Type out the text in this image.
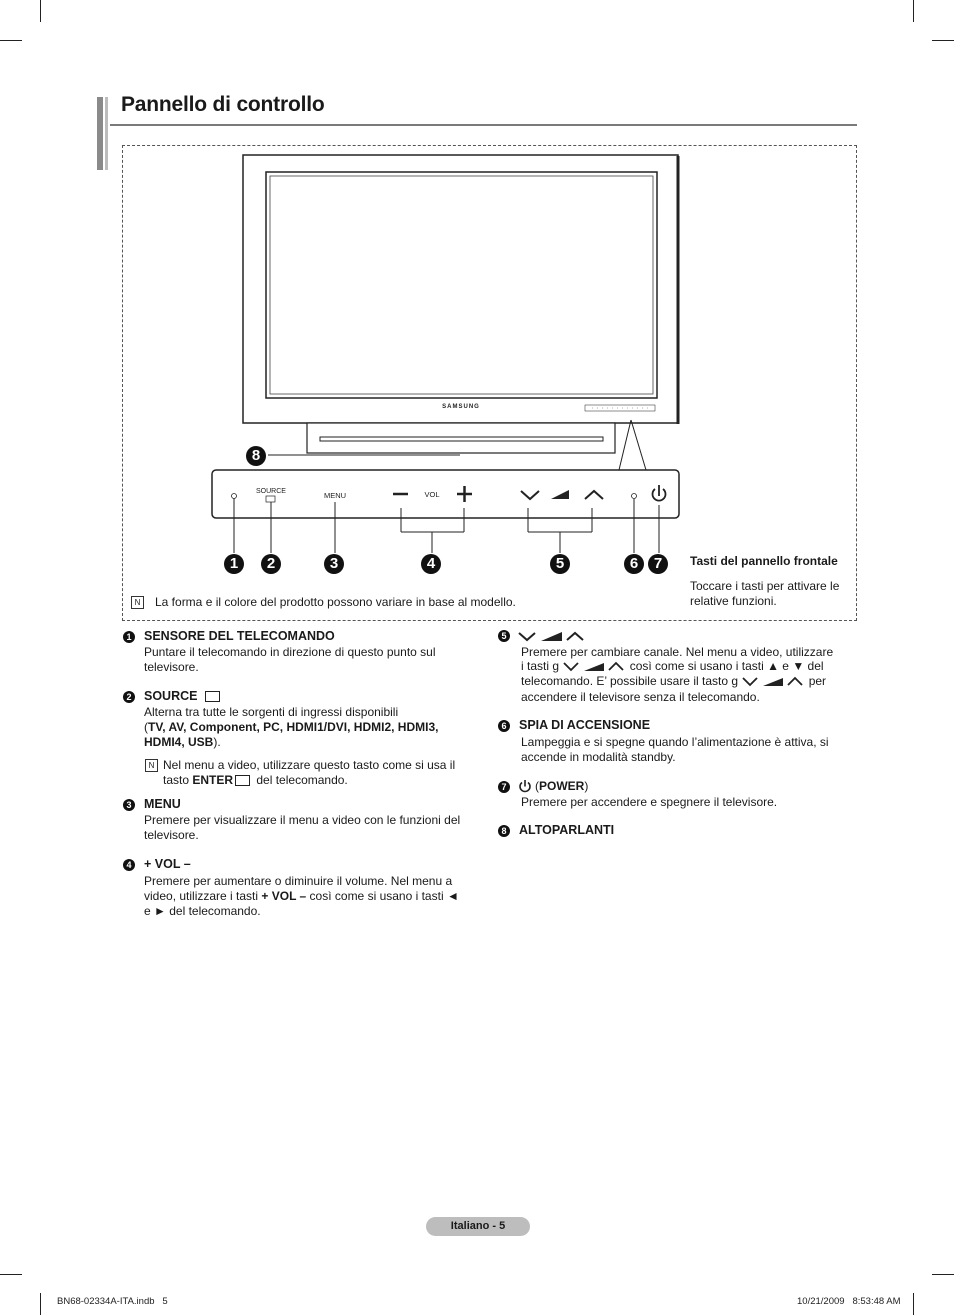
Pannello di controllo
SAMSUNG
SOURCE	MENU	VOL
8
1	2	3	4	5	6	7	Tasti del pannello frontale
Toccare i tasti per attivare le relative funzioni.
N	La forma e il colore del prodotto possono variare in base al modello.
1 SENSORE DEL TELECOMANDO
Puntare il telecomando in direzione di questo punto sul televisore.
2 SOURCE
Alterna tra tutte le sorgenti di ingressi disponibili
(TV, AV, Component, PC, HDMI1/DVI, HDMI2, HDMI3, HDMI4, USB).
N Nel menu a video, utilizzare questo tasto come si usa il tasto ENTER del telecomando.
3 MENU
Premere per visualizzare il menu a video con le funzioni del televisore.
4 + VOL –
Premere per aumentare o diminuire il volume. Nel menu a video, utilizzare i tasti + VOL – così come si usano i tasti ◄ e ► del telecomando.
5
Premere per cambiare canale. Nel menu a video, utilizzare
i tasti g	così come si usano i tasti ▲ e ▼ del
telecomando. E’ possibile usare il tasto g	per
accendere il televisore senza il telecomando.
6 SPIA DI ACCENSIONE
Lampeggia e si spegne quando l’alimentazione è attiva, si accende in modalità standby.
7 (POWER)
Premere per accendere e spegnere il televisore.
8 ALTOPARLANTI
Italiano - 5
BN68-02334A-ITA.indb   5	10/21/2009   8:53:48 AM
